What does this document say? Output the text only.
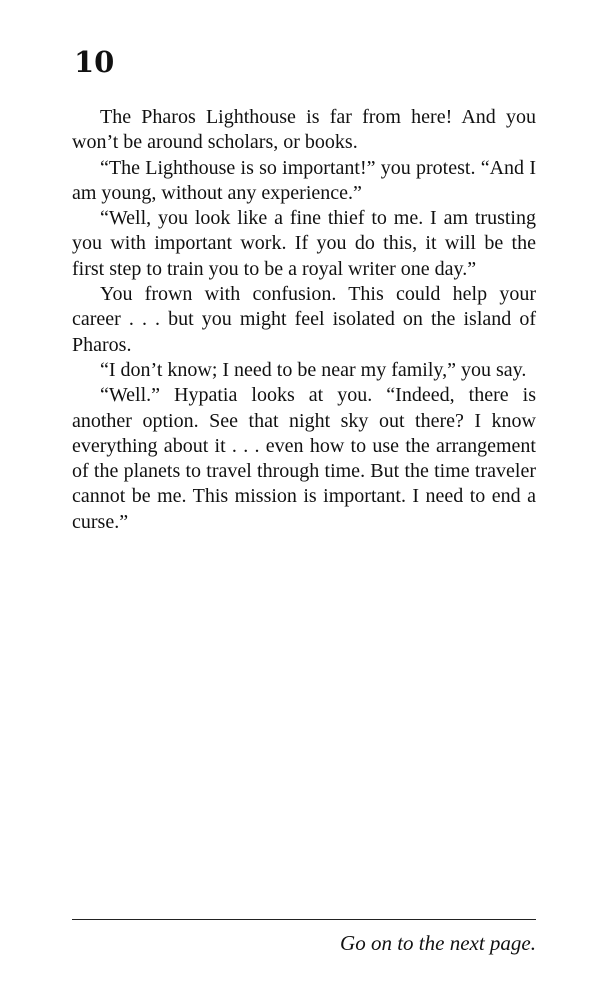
10

The Pharos Lighthouse is far from here! And you won’t be around scholars, or books.

“The Lighthouse is so important!” you protest. “And I am young, without any experience.”

“Well, you look like a fine thief to me. I am trusting you with important work. If you do this, it will be the first step to train you to be a royal writer one day.”

You frown with confusion. This could help your career . . . but you might feel isolated on the island of Pharos.

“I don’t know; I need to be near my family,” you say.

“Well.” Hypatia looks at you. “Indeed, there is another option. See that night sky out there? I know everything about it . . . even how to use the arrangement of the planets to travel through time. But the time traveler cannot be me. This mission is important. I need to end a curse.”

Go on to the next page.
